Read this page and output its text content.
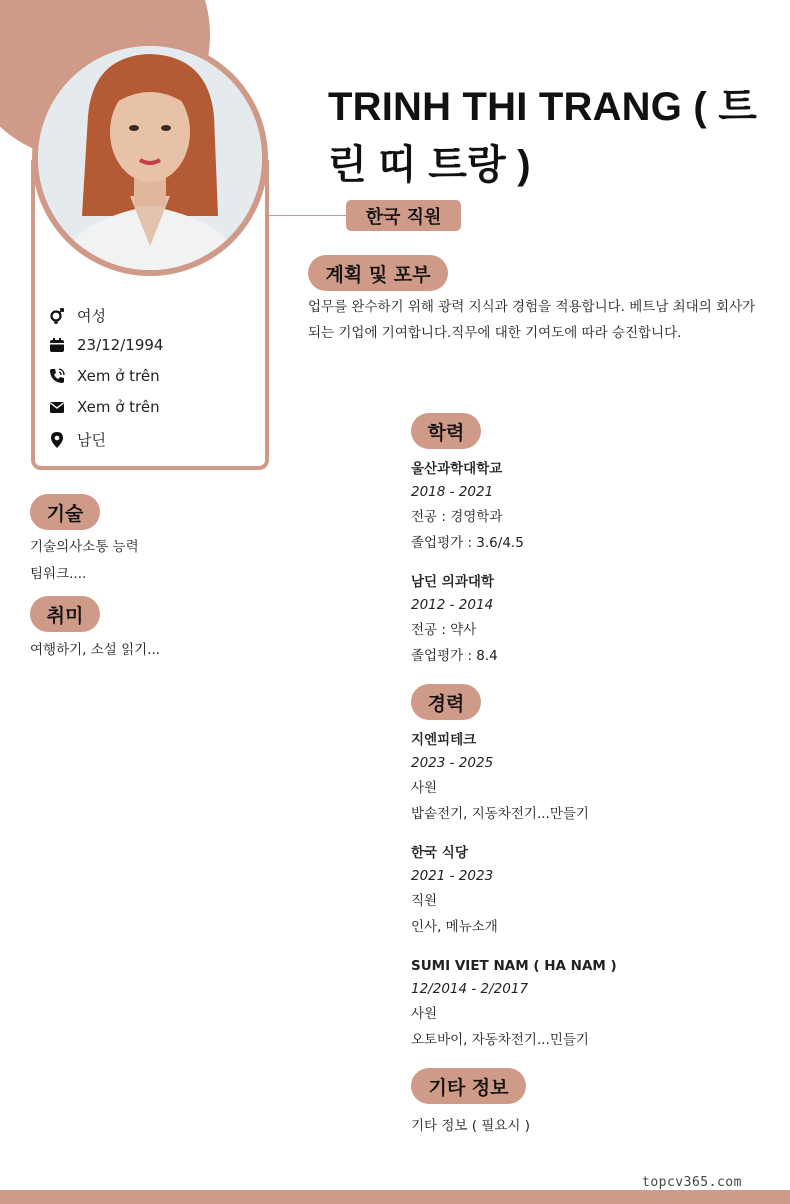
여성
23/12/1994
Xem ở trên
Xem ở trên
남딘
TRINH THI TRANG ( 트린 띠 트랑 )
한국 직원
계획 및 포부
업무를 완수하기 위해 광력 지식과 경험을 적용합니다. 베트남 최대의 회사가 되는 기업에 기여합니다.직무에 대한 기여도에 따라 승진합니다.
기술
기술의사소통 능력
팀워크....
취미
여행하기, 소설 읽기...
학력
울산과학대학교
2018 - 2021
전공 : 경영학과
졸업평가 : 3.6/4.5
남딘 의과대학
2012 - 2014
전공 : 약사
졸업평가 : 8.4
경력
지엔피테크
2023 - 2025
사원
밥솥전기, 지동차전기...만들기
한국 식당
2021 - 2023
직원
인사, 메뉴소개
SUMI VIET NAM ( HA NAM )
12/2014 - 2/2017
사원
오토바이, 자동차전기...민들기
기타 정보
기타 정보 ( 필요시 )
topcv365.com
